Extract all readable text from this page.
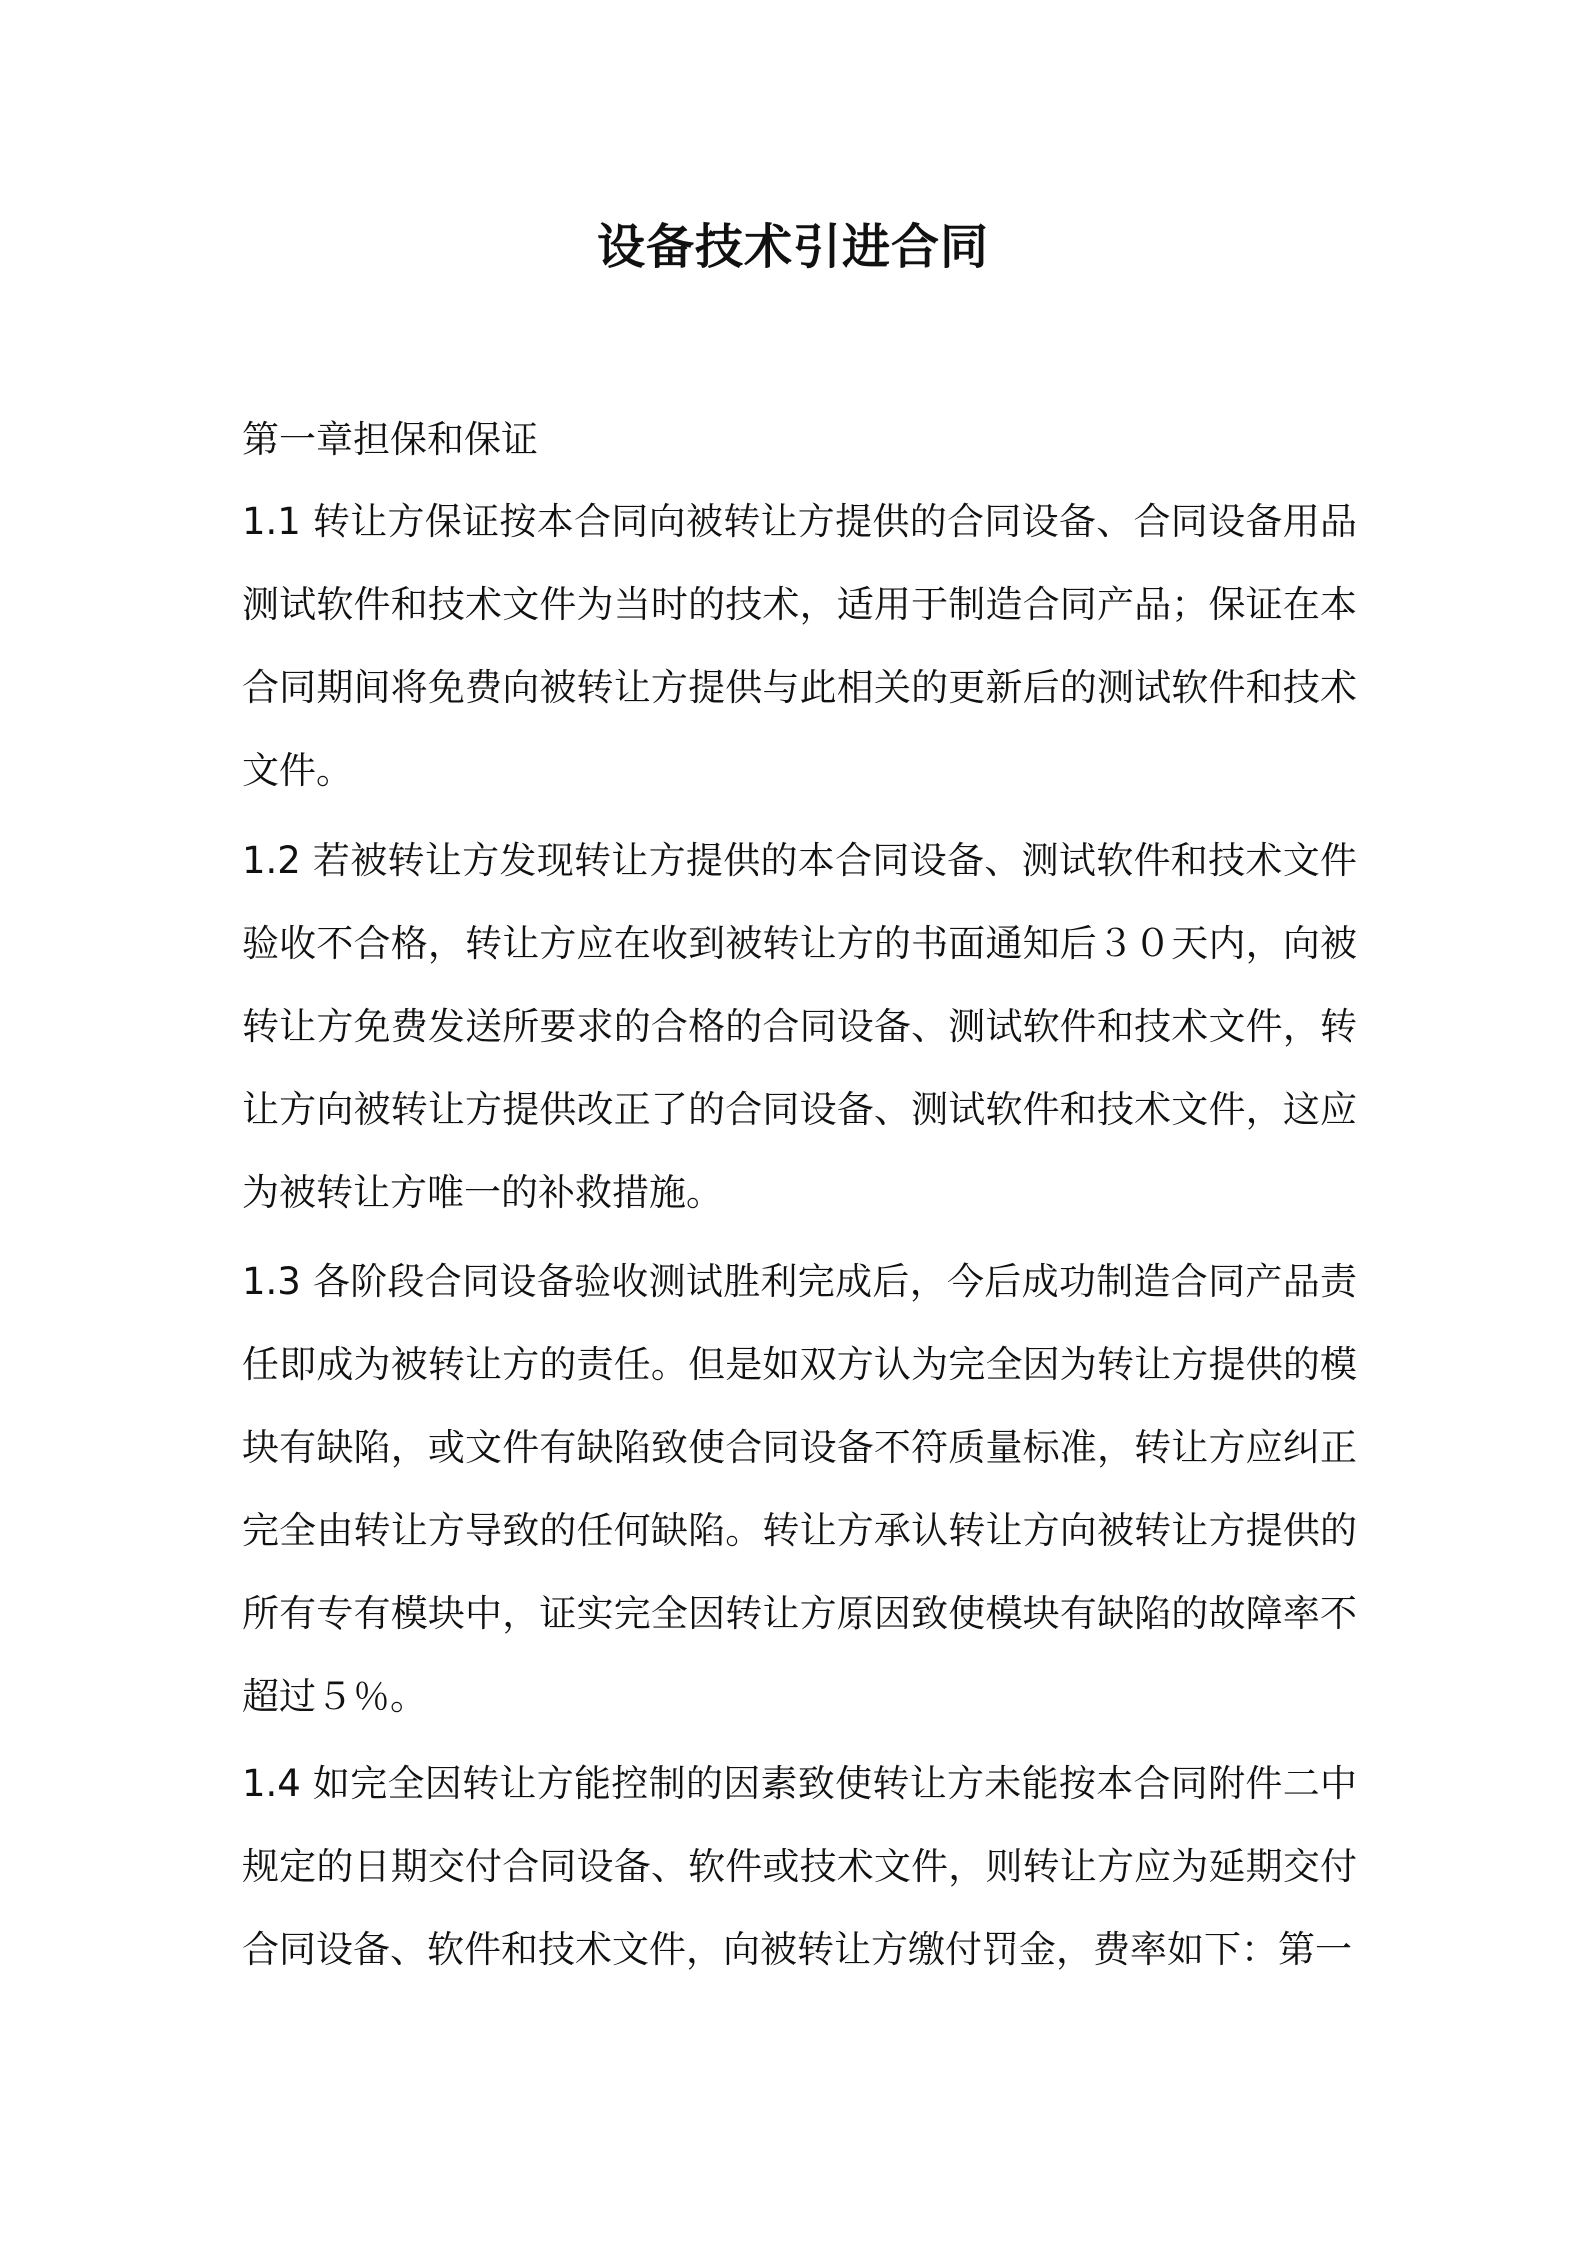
设备技术引进合同

第一章担保和保证

1.1 转让方保证按本合同向被转让方提供的合同设备、合同设备用品测试软件和技术文件为当时的技术，适用于制造合同产品；保证在本合同期间将免费向被转让方提供与此相关的更新后的测试软件和技术文件。

1.2 若被转让方发现转让方提供的本合同设备、测试软件和技术文件验收不合格，转让方应在收到被转让方的书面通知后３０天内，向被转让方免费发送所要求的合格的合同设备、测试软件和技术文件，转让方向被转让方提供改正了的合同设备、测试软件和技术文件，这应为被转让方唯一的补救措施。

1.3 各阶段合同设备验收测试胜利完成后，今后成功制造合同产品责任即成为被转让方的责任。但是如双方认为完全因为转让方提供的模块有缺陷，或文件有缺陷致使合同设备不符质量标准，转让方应纠正完全由转让方导致的任何缺陷。转让方承认转让方向被转让方提供的所有专有模块中，证实完全因转让方原因致使模块有缺陷的故障率不超过５％。

1.4 如完全因转让方能控制的因素致使转让方未能按本合同附件二中规定的日期交付合同设备、软件或技术文件，则转让方应为延期交付合同设备、软件和技术文件，向被转让方缴付罚金，费率如下：第一
